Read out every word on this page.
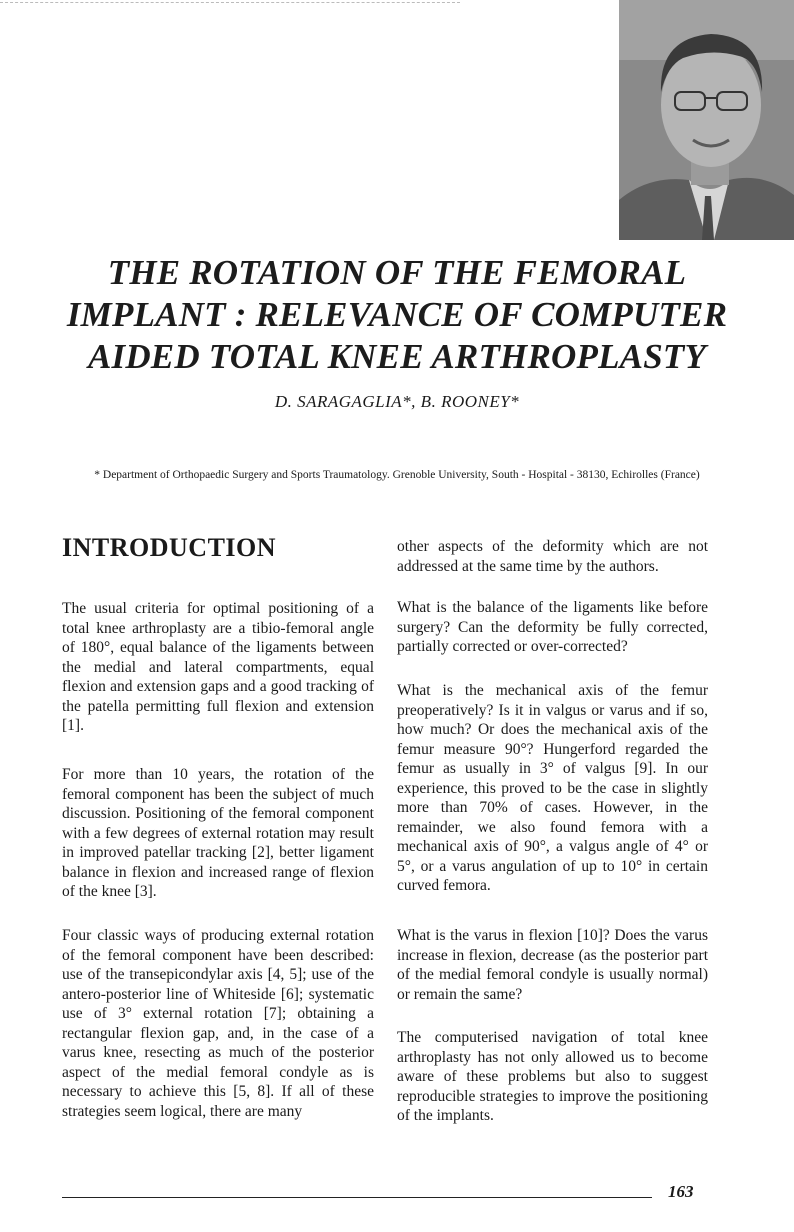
THE ROTATION OF THE FEMORAL
IMPLANT : RELEVANCE OF COMPUTER
AIDED TOTAL KNEE ARTHROPLASTY
D. SARAGAGLIA*, B. ROONEY*
* Department of Orthopaedic Surgery and Sports Traumatology. Grenoble University, South - Hospital - 38130, Echirolles (France)
INTRODUCTION

The usual criteria for optimal positioning of a total knee arthroplasty are a tibio-femoral angle of 180°, equal balance of the ligaments between the medial and lateral compartments, equal flexion and extension gaps and a good tracking of the patella permitting full flexion and extension [1].

For more than 10 years, the rotation of the femoral component has been the subject of much discussion. Positioning of the femoral component with a few degrees of external rotation may result in improved patellar tracking [2], better ligament balance in flexion and increased range of flexion of the knee [3].

Four classic ways of producing external rotation of the femoral component have been described: use of the transepicondylar axis [4, 5]; use of the antero-posterior line of Whiteside [6]; systematic use of 3° external rotation [7]; obtaining a rectangular flexion gap, and, in the case of a varus knee, resecting as much of the posterior aspect of the medial femoral condyle as is necessary to achieve this [5, 8]. If all of these strategies seem logical, there are many

other aspects of the deformity which are not addressed at the same time by the authors.

What is the balance of the ligaments like before surgery? Can the deformity be fully corrected, partially corrected or over-corrected?

What is the mechanical axis of the femur preoperatively? Is it in valgus or varus and if so, how much? Or does the mechanical axis of the femur measure 90°? Hungerford regarded the femur as usually in 3° of valgus [9]. In our experience, this proved to be the case in slightly more than 70% of cases. However, in the remainder, we also found femora with a mechanical axis of 90°, a valgus angle of 4° or 5°, or a varus angulation of up to 10° in certain curved femora.

What is the varus in flexion [10]? Does the varus increase in flexion, decrease (as the posterior part of the medial femoral condyle is usually normal) or remain the same?

The computerised navigation of total knee arthroplasty has not only allowed us to become aware of these problems but also to suggest reproducible strategies to improve the positioning of the implants.

163
